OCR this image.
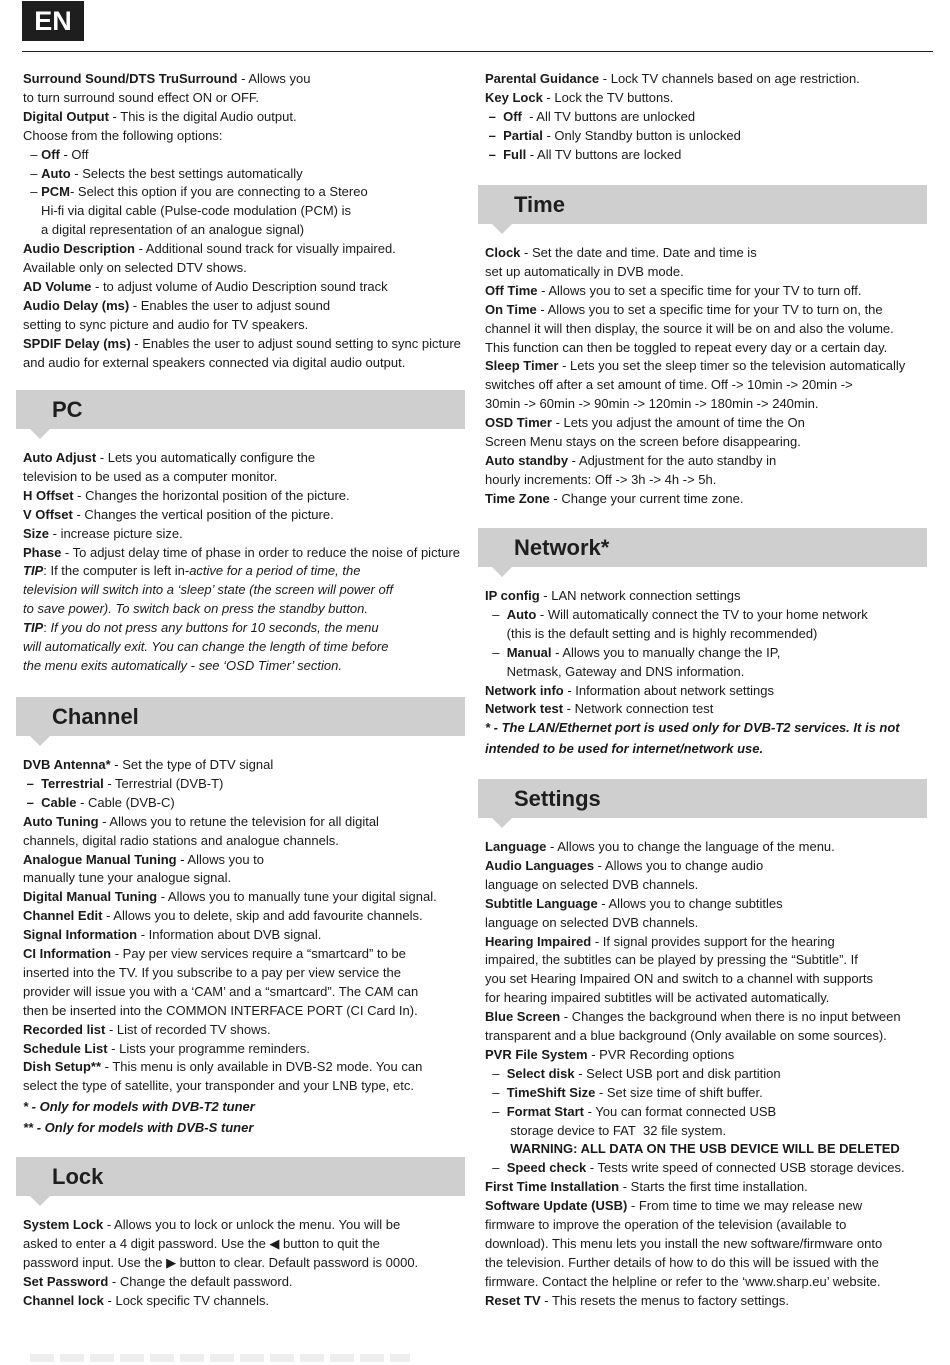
EN
PC
Channel
Lock
Time
Network*
Settings
Surround Sound/DTS TruSurround - Allows you
to turn surround sound effect ON or OFF.
Digital Output - This is the digital Audio output.
Choose from the following options:
– Off - Off
– Auto - Selects the best settings automatically
– PCM- Select this option if you are connecting to a Stereo
Hi-fi via digital cable (Pulse-code modulation (PCM) is
a digital representation of an analogue signal)
Audio Description - Additional sound track for visually impaired.
Available only on selected DTV shows.
AD Volume - to adjust volume of Audio Description sound track
Audio Delay (ms) - Enables the user to adjust sound
setting to sync picture and audio for TV speakers.
SPDIF Delay (ms) - Enables the user to adjust sound setting to sync picture
and audio for external speakers connected via digital audio output.
Auto Adjust - Lets you automatically configure the
television to be used as a computer monitor.
H Offset - Changes the horizontal position of the picture.
V Offset - Changes the vertical position of the picture.
Size - increase picture size.
Phase - To adjust delay time of phase in order to reduce the noise of picture
TIP: If the computer is left in-active for a period of time, the
television will switch into a ‘sleep’ state (the screen will power off
to save power). To switch back on press the standby button.
TIP: If you do not press any buttons for 10 seconds, the menu
will automatically exit. You can change the length of time before
the menu exits automatically - see ‘OSD Timer’ section.
DVB Antenna* - Set the type of DTV signal
–  Terrestrial - Terrestrial (DVB-T)
–  Cable - Cable (DVB-C)
Auto Tuning - Allows you to retune the television for all digital
channels, digital radio stations and analogue channels.
Analogue Manual Tuning - Allows you to
manually tune your analogue signal.
Digital Manual Tuning - Allows you to manually tune your digital signal.
Channel Edit - Allows you to delete, skip and add favourite channels.
Signal Information - Information about DVB signal.
CI Information - Pay per view services require a “smartcard” to be
inserted into the TV. If you subscribe to a pay per view service the
provider will issue you with a ‘CAM’ and a “smartcard”. The CAM can
then be inserted into the COMMON INTERFACE PORT (CI Card In).
Recorded list - List of recorded TV shows.
Schedule List - Lists your programme reminders.
Dish Setup** - This menu is only available in DVB-S2 mode. You can
select the type of satellite, your transponder and your LNB type, etc.
* - Only for models with DVB-T2 tuner
** - Only for models with DVB-S tuner
System Lock - Allows you to lock or unlock the menu. You will be
asked to enter a 4 digit password. Use the ◀ button to quit the
password input. Use the ▶ button to clear. Default password is 0000.
Set Password - Change the default password.
Channel lock - Lock specific TV channels.
Parental Guidance - Lock TV channels based on age restriction.
Key Lock - Lock the TV buttons.
–  Off  - All TV buttons are unlocked
–  Partial - Only Standby button is unlocked
–  Full - All TV buttons are locked
Clock - Set the date and time. Date and time is
set up automatically in DVB mode.
Off Time - Allows you to set a specific time for your TV to turn off.
On Time - Allows you to set a specific time for your TV to turn on, the
channel it will then display, the source it will be on and also the volume.
This function can then be toggled to repeat every day or a certain day.
Sleep Timer - Lets you set the sleep timer so the television automatically
switches off after a set amount of time. Off -> 10min -> 20min ->
30min -> 60min -> 90min -> 120min -> 180min -> 240min.
OSD Timer - Lets you adjust the amount of time the On
Screen Menu stays on the screen before disappearing.
Auto standby - Adjustment for the auto standby in
hourly increments: Off -> 3h -> 4h -> 5h.
Time Zone - Change your current time zone.
IP config - LAN network connection settings
–  Auto - Will automatically connect the TV to your home network
(this is the default setting and is highly recommended)
–  Manual - Allows you to manually change the IP,
Netmask, Gateway and DNS information.
Network info - Information about network settings
Network test - Network connection test
* - The LAN/Ethernet port is used only for DVB-T2 services. It is not
intended to be used for internet/network use.
Language - Allows you to change the language of the menu.
Audio Languages - Allows you to change audio
language on selected DVB channels.
Subtitle Language - Allows you to change subtitles
language on selected DVB channels.
Hearing Impaired - If signal provides support for the hearing
impaired, the subtitles can be played by pressing the “Subtitle”. If
you set Hearing Impaired ON and switch to a channel with supports
for hearing impaired subtitles will be activated automatically.
Blue Screen - Changes the background when there is no input between
transparent and a blue background (Only available on some sources).
PVR File System - PVR Recording options
–  Select disk - Select USB port and disk partition
–  TimeShift Size - Set size time of shift buffer.
–  Format Start - You can format connected USB
storage device to FAT  32 file system.
WARNING: ALL DATA ON THE USB DEVICE WILL BE DELETED
–  Speed check - Tests write speed of connected USB storage devices.
First Time Installation - Starts the first time installation.
Software Update (USB) - From time to time we may release new
firmware to improve the operation of the television (available to
download). This menu lets you install the new software/firmware onto
the television. Further details of how to do this will be issued with the
firmware. Contact the helpline or refer to the ‘www.sharp.eu’ website.
Reset TV - This resets the menus to factory settings.
